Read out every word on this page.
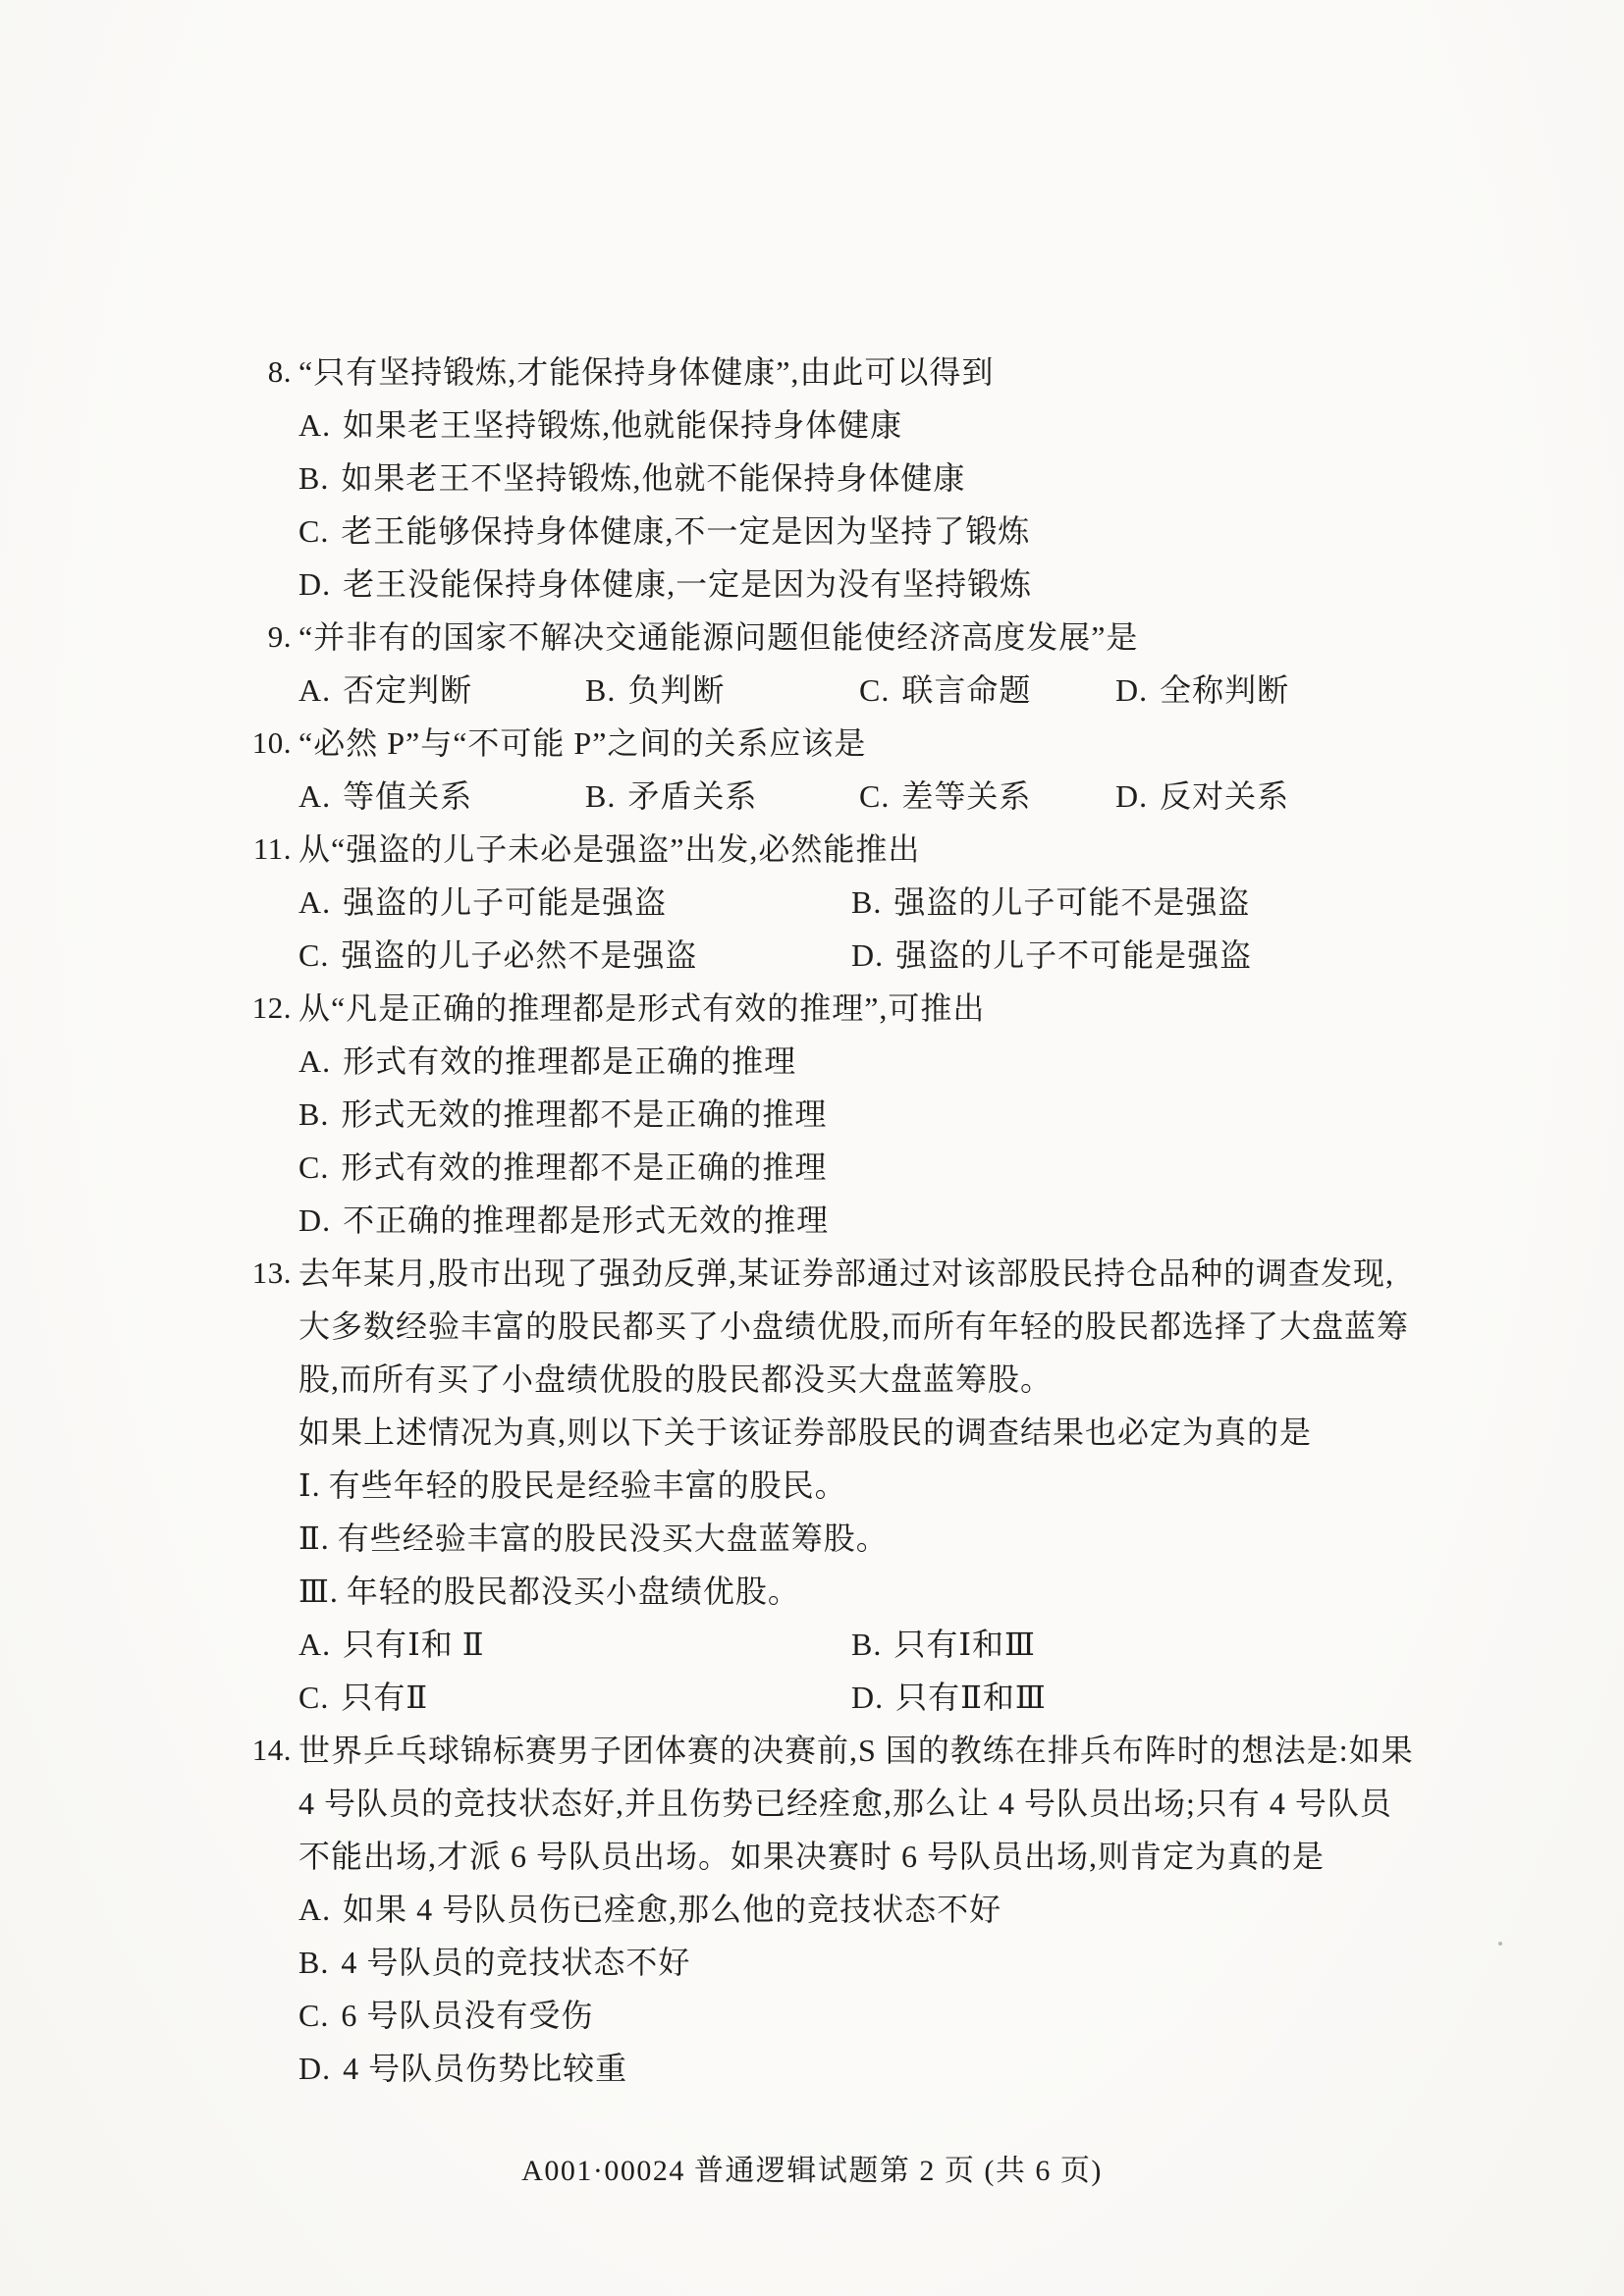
8. “只有坚持锻炼,才能保持身体健康”,由此可以得到
A. 如果老王坚持锻炼,他就能保持身体健康
B. 如果老王不坚持锻炼,他就不能保持身体健康
C. 老王能够保持身体健康,不一定是因为坚持了锻炼
D. 老王没能保持身体健康,一定是因为没有坚持锻炼
9. “并非有的国家不解决交通能源问题但能使经济高度发展”是
A. 否定判断	B. 负判断	C. 联言命题	D. 全称判断
10. “必然 P”与“不可能 P”之间的关系应该是
A. 等值关系	B. 矛盾关系	C. 差等关系	D. 反对关系
11. 从“强盗的儿子未必是强盗”出发,必然能推出
A. 强盗的儿子可能是强盗	B. 强盗的儿子可能不是强盗
C. 强盗的儿子必然不是强盗	D. 强盗的儿子不可能是强盗
12. 从“凡是正确的推理都是形式有效的推理”,可推出
A. 形式有效的推理都是正确的推理
B. 形式无效的推理都不是正确的推理
C. 形式有效的推理都不是正确的推理
D. 不正确的推理都是形式无效的推理
13. 去年某月,股市出现了强劲反弹,某证券部通过对该部股民持仓品种的调查发现,大多数经验丰富的股民都买了小盘绩优股,而所有年轻的股民都选择了大盘蓝筹股,而所有买了小盘绩优股的股民都没买大盘蓝筹股。
如果上述情况为真,则以下关于该证券部股民的调查结果也必定为真的是
Ⅰ. 有些年轻的股民是经验丰富的股民。
Ⅱ. 有些经验丰富的股民没买大盘蓝筹股。
Ⅲ. 年轻的股民都没买小盘绩优股。
A. 只有Ⅰ和 Ⅱ	B. 只有Ⅰ和Ⅲ
C. 只有Ⅱ	D. 只有Ⅱ和Ⅲ
14. 世界乒乓球锦标赛男子团体赛的决赛前,S 国的教练在排兵布阵时的想法是:如果 4 号队员的竞技状态好,并且伤势已经痊愈,那么让 4 号队员出场;只有 4 号队员不能出场,才派 6 号队员出场。如果决赛时 6 号队员出场,则肯定为真的是
A. 如果 4 号队员伤已痊愈,那么他的竞技状态不好
B. 4 号队员的竞技状态不好
C. 6 号队员没有受伤
D. 4 号队员伤势比较重
A001·00024 普通逻辑试题第 2 页 (共 6 页)
